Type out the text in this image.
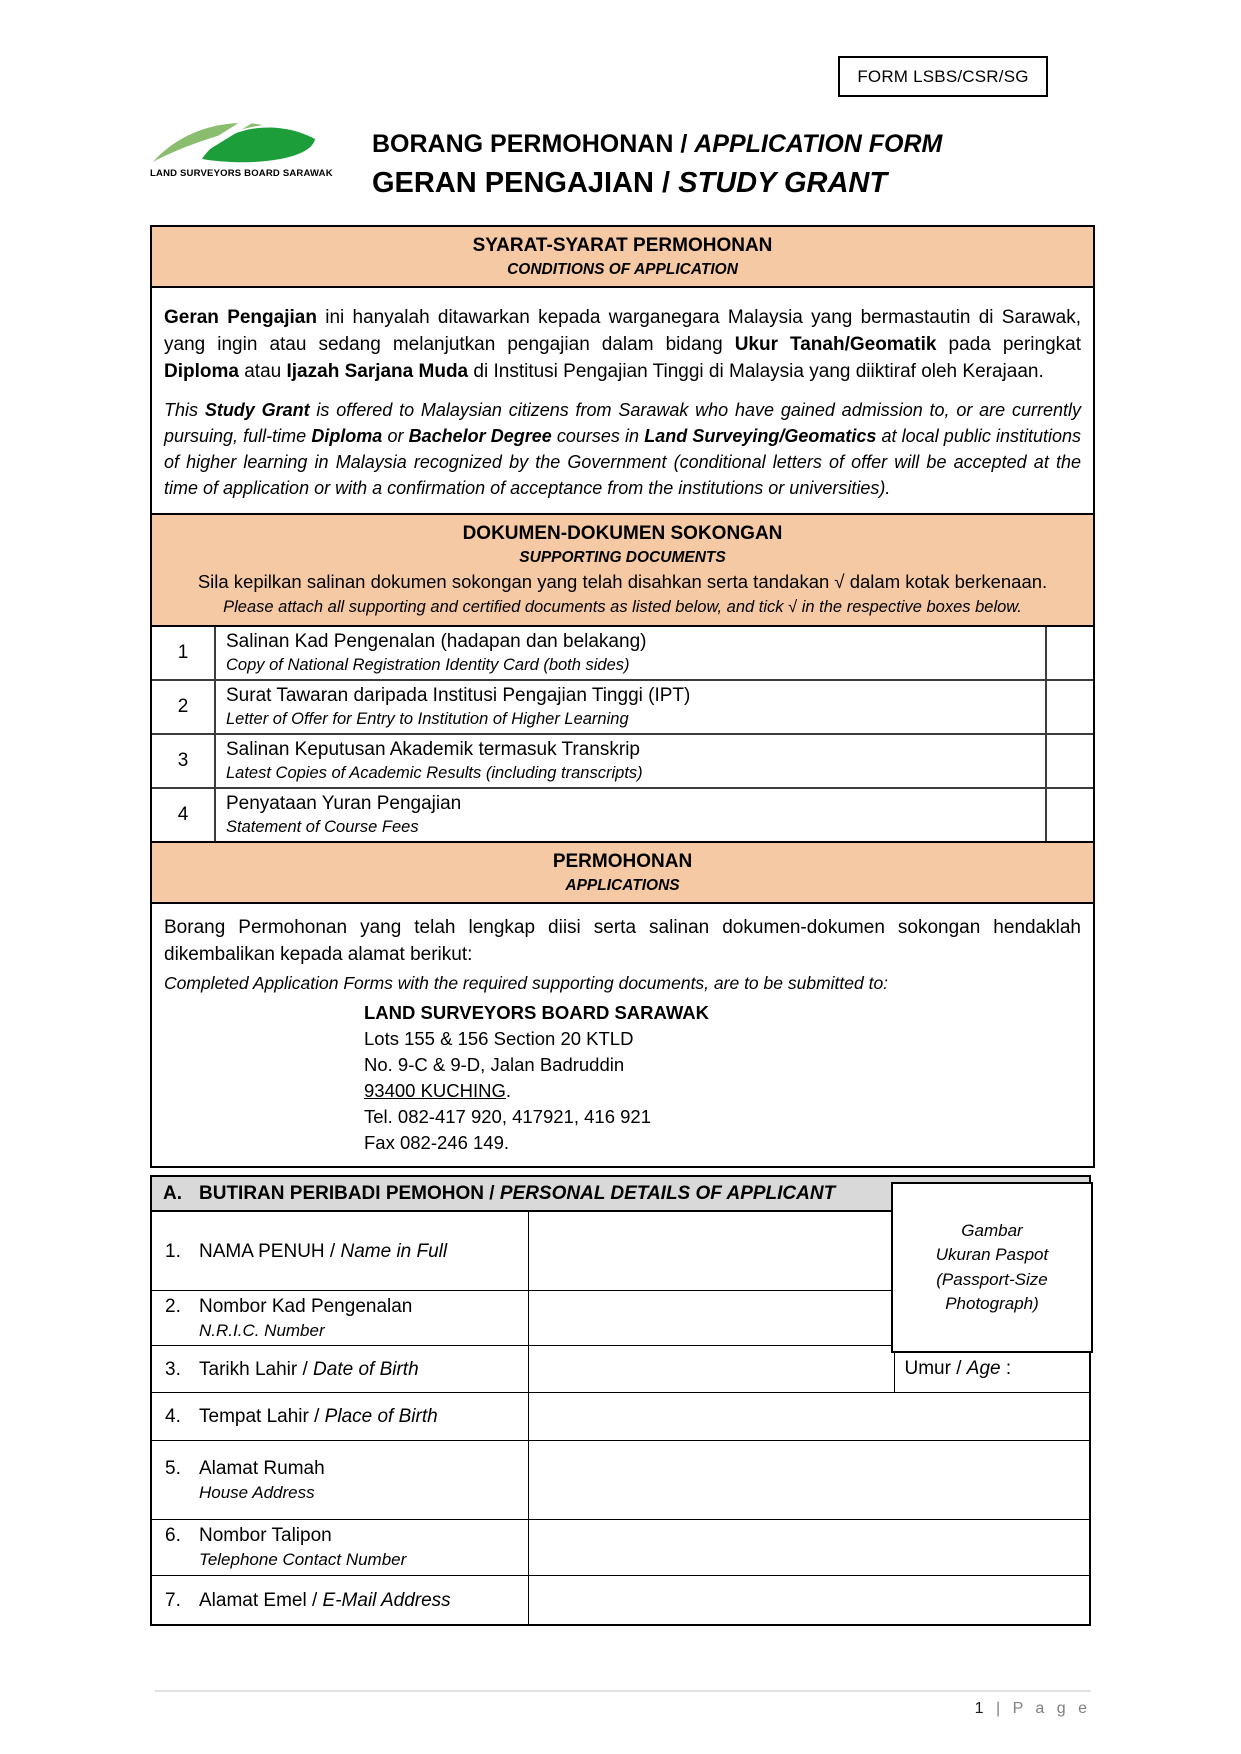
FORM LSBS/CSR/SG
LAND SURVEYORS BOARD SARAWAK
BORANG PERMOHONAN / APPLICATION FORM
GERAN PENGAJIAN / STUDY GRANT
SYARAT-SYARAT PERMOHONAN
CONDITIONS OF APPLICATION

Geran Pengajian ini hanyalah ditawarkan kepada warganegara Malaysia yang bermastautin di Sarawak, yang ingin atau sedang melanjutkan pengajian dalam bidang Ukur Tanah/Geomatik pada peringkat Diploma atau Ijazah Sarjana Muda di Institusi Pengajian Tinggi di Malaysia yang diiktiraf oleh Kerajaan.

This Study Grant is offered to Malaysian citizens from Sarawak who have gained admission to, or are currently pursuing, full-time Diploma or Bachelor Degree courses in Land Surveying/Geomatics at local public institutions of higher learning in Malaysia recognized by the Government (conditional letters of offer will be accepted at the time of application or with a confirmation of acceptance from the institutions or universities).

DOKUMEN-DOKUMEN SOKONGAN
SUPPORTING DOCUMENTS
Sila kepilkan salinan dokumen sokongan yang telah disahkan serta tandakan √ dalam kotak berkenaan.
Please attach all supporting and certified documents as listed below, and tick √ in the respective boxes below.
1
Salinan Kad Pengenalan (hadapan dan belakang)
Copy of National Registration Identity Card (both sides)
2
Surat Tawaran daripada Institusi Pengajian Tinggi (IPT)
Letter of Offer for Entry to Institution of Higher Learning
3
Salinan Keputusan Akademik termasuk Transkrip
Latest Copies of Academic Results (including transcripts)
4
Penyataan Yuran Pengajian
Statement of Course Fees
PERMOHONAN
APPLICATIONS

Borang Permohonan yang telah lengkap diisi serta salinan dokumen-dokumen sokongan hendaklah dikembalikan kepada alamat berikut:

Completed Application Forms with the required supporting documents, are to be submitted to:

LAND SURVEYORS BOARD SARAWAK
Lots 155 & 156 Section 20 KTLD
No. 9-C & 9-D, Jalan Badruddin
93400 KUCHING.
Tel. 082-417 920, 417921, 416 921
Fax 082-246 149.
A. BUTIRAN PERIBADI PEMOHON / PERSONAL DETAILS OF APPLICANT
1. NAMA PENUH / Name in Full
2. Nombor Kad Pengenalan
N.R.I.C. Number
3. Tarikh Lahir / Date of Birth	Umur / Age :
4. Tempat Lahir / Place of Birth
5. Alamat Rumah
House Address
6. Nombor Talipon
Telephone Contact Number
7. Alamat Emel / E-Mail Address
Gambar
Ukuran Paspot
(Passport-Size
Photograph)
1 | P a g e
